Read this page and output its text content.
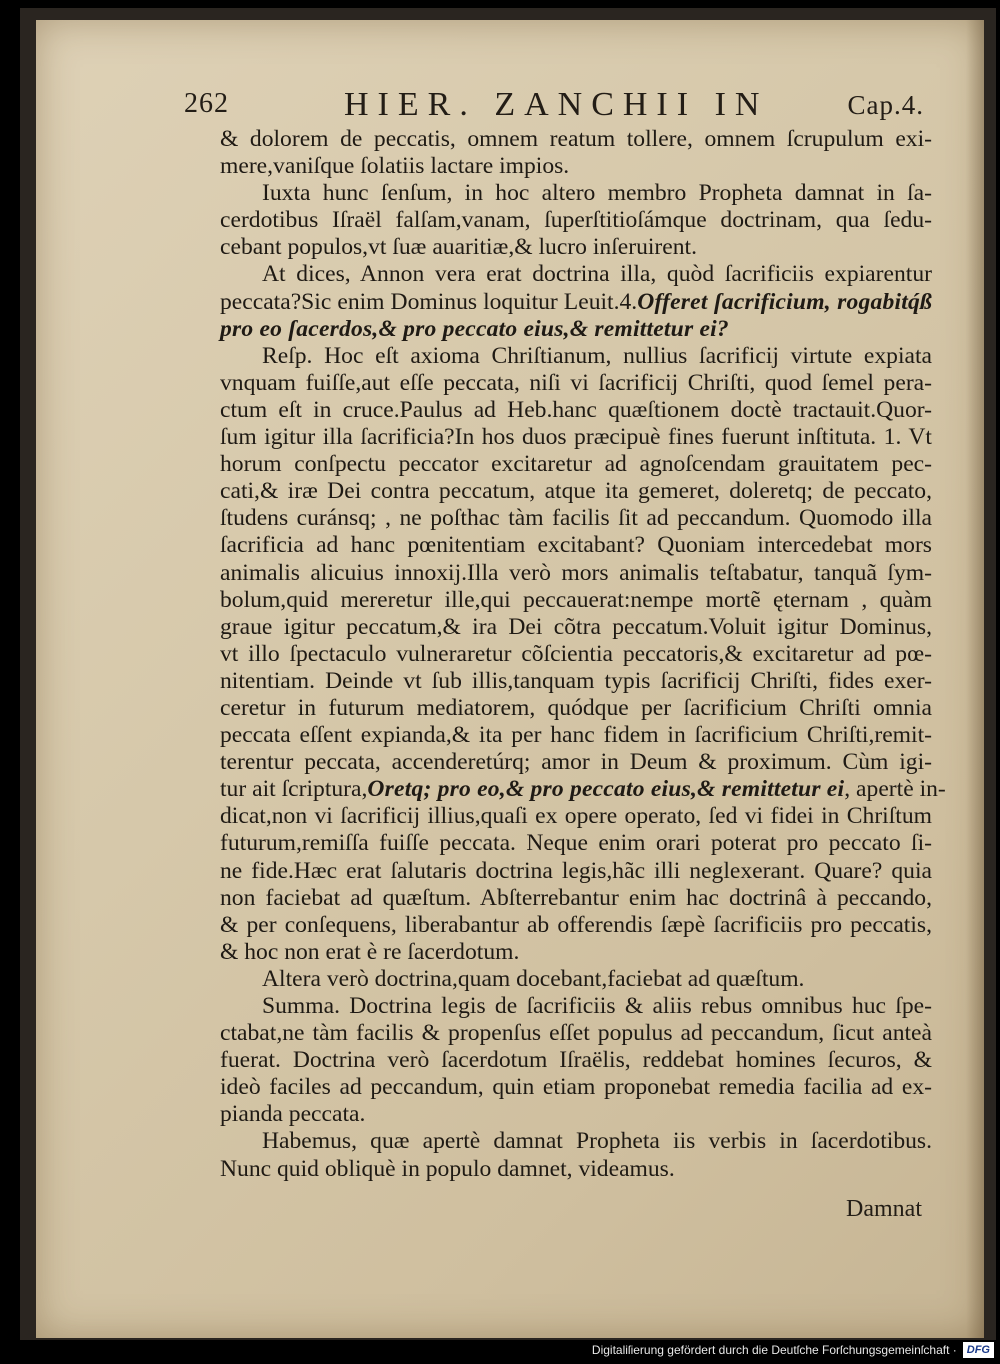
262	HIER. ZANCHII IN	Cap.4.
& dolorem de peccatis, omnem reatum tollere, omnem ſcrupulum exi-
mere,vaniſque ſolatiis lactare impios.
Iuxta hunc ſenſum, in hoc altero membro Propheta damnat in ſa-
cerdotibus Iſraël falſam,vanam, ſuperſtitioſámque doctrinam, qua ſedu-
cebant populos,vt ſuæ auaritiæ,& lucro inſeruirent.
At dices, Annon vera erat doctrina illa, quòd ſacrificiis expiarentur
peccata?Sic enim Dominus loquitur Leuit.4.Offeret ſacrificium, rogabitq́ß
pro eo ſacerdos,& pro peccato eius,& remittetur ei?
Reſp. Hoc eſt axioma Chriſtianum, nullius ſacrificij virtute expiata
vnquam fuiſſe,aut eſſe peccata, niſi vi ſacrificij Chriſti, quod ſemel pera-
ctum eſt in cruce.Paulus ad Heb.hanc quæſtionem doctè tractauit.Quor-
ſum igitur illa ſacrificia?In hos duos præcipuè fines fuerunt inſtituta. 1. Vt
horum conſpectu peccator excitaretur ad agnoſcendam grauitatem pec-
cati,& iræ Dei contra peccatum, atque ita gemeret, doleretq; de peccato,
ſtudens curánsq; , ne poſthac tàm facilis ſit ad peccandum. Quomodo illa
ſacrificia ad hanc pœnitentiam excitabant? Quoniam intercedebat mors
animalis alicuius innoxij.Illa verò mors animalis teſtabatur, tanquã ſym-
bolum,quid mereretur ille,qui peccauerat:nempe mortẽ ęternam , quàm
graue igitur peccatum,& ira Dei cõtra peccatum.Voluit igitur Dominus,
vt illo ſpectaculo vulneraretur cõſcientia peccatoris,& excitaretur ad pœ-
nitentiam. Deinde vt ſub illis,tanquam typis ſacrificij Chriſti, fides exer-
ceretur in futurum mediatorem, quódque per ſacrificium Chriſti omnia
peccata eſſent expianda,& ita per hanc fidem in ſacrificium Chriſti,remit-
terentur peccata, accenderetúrq; amor in Deum & proximum. Cùm igi-
tur ait ſcriptura,Oretq; pro eo,& pro peccato eius,& remittetur ei, apertè in-
dicat,non vi ſacrificij illius,quaſi ex opere operato, ſed vi fidei in Chriſtum
futurum,remiſſa fuiſſe peccata. Neque enim orari poterat pro peccato ſi-
ne fide.Hæc erat ſalutaris doctrina legis,hãc illi neglexerant. Quare? quia
non faciebat ad quæſtum. Abſterrebantur enim hac doctrinâ à peccando,
& per conſequens, liberabantur ab offerendis ſæpè ſacrificiis pro peccatis,
& hoc non erat è re ſacerdotum.
Altera verò doctrina,quam docebant,faciebat ad quæſtum.
Summa. Doctrina legis de ſacrificiis & aliis rebus omnibus huc ſpe-
ctabat,ne tàm facilis & propenſus eſſet populus ad peccandum, ſicut anteà
fuerat. Doctrina verò ſacerdotum Iſraëlis, reddebat homines ſecuros, &
ideò faciles ad peccandum, quin etiam proponebat remedia facilia ad ex-
pianda peccata.
Habemus, quæ apertè damnat Propheta iis verbis in ſacerdotibus.
Nunc quid obliquè in populo damnet, videamus.
Damnat
Digitaliſierung gefördert durch die Deutſche Forſchungsgemeinſchaft · DFG
